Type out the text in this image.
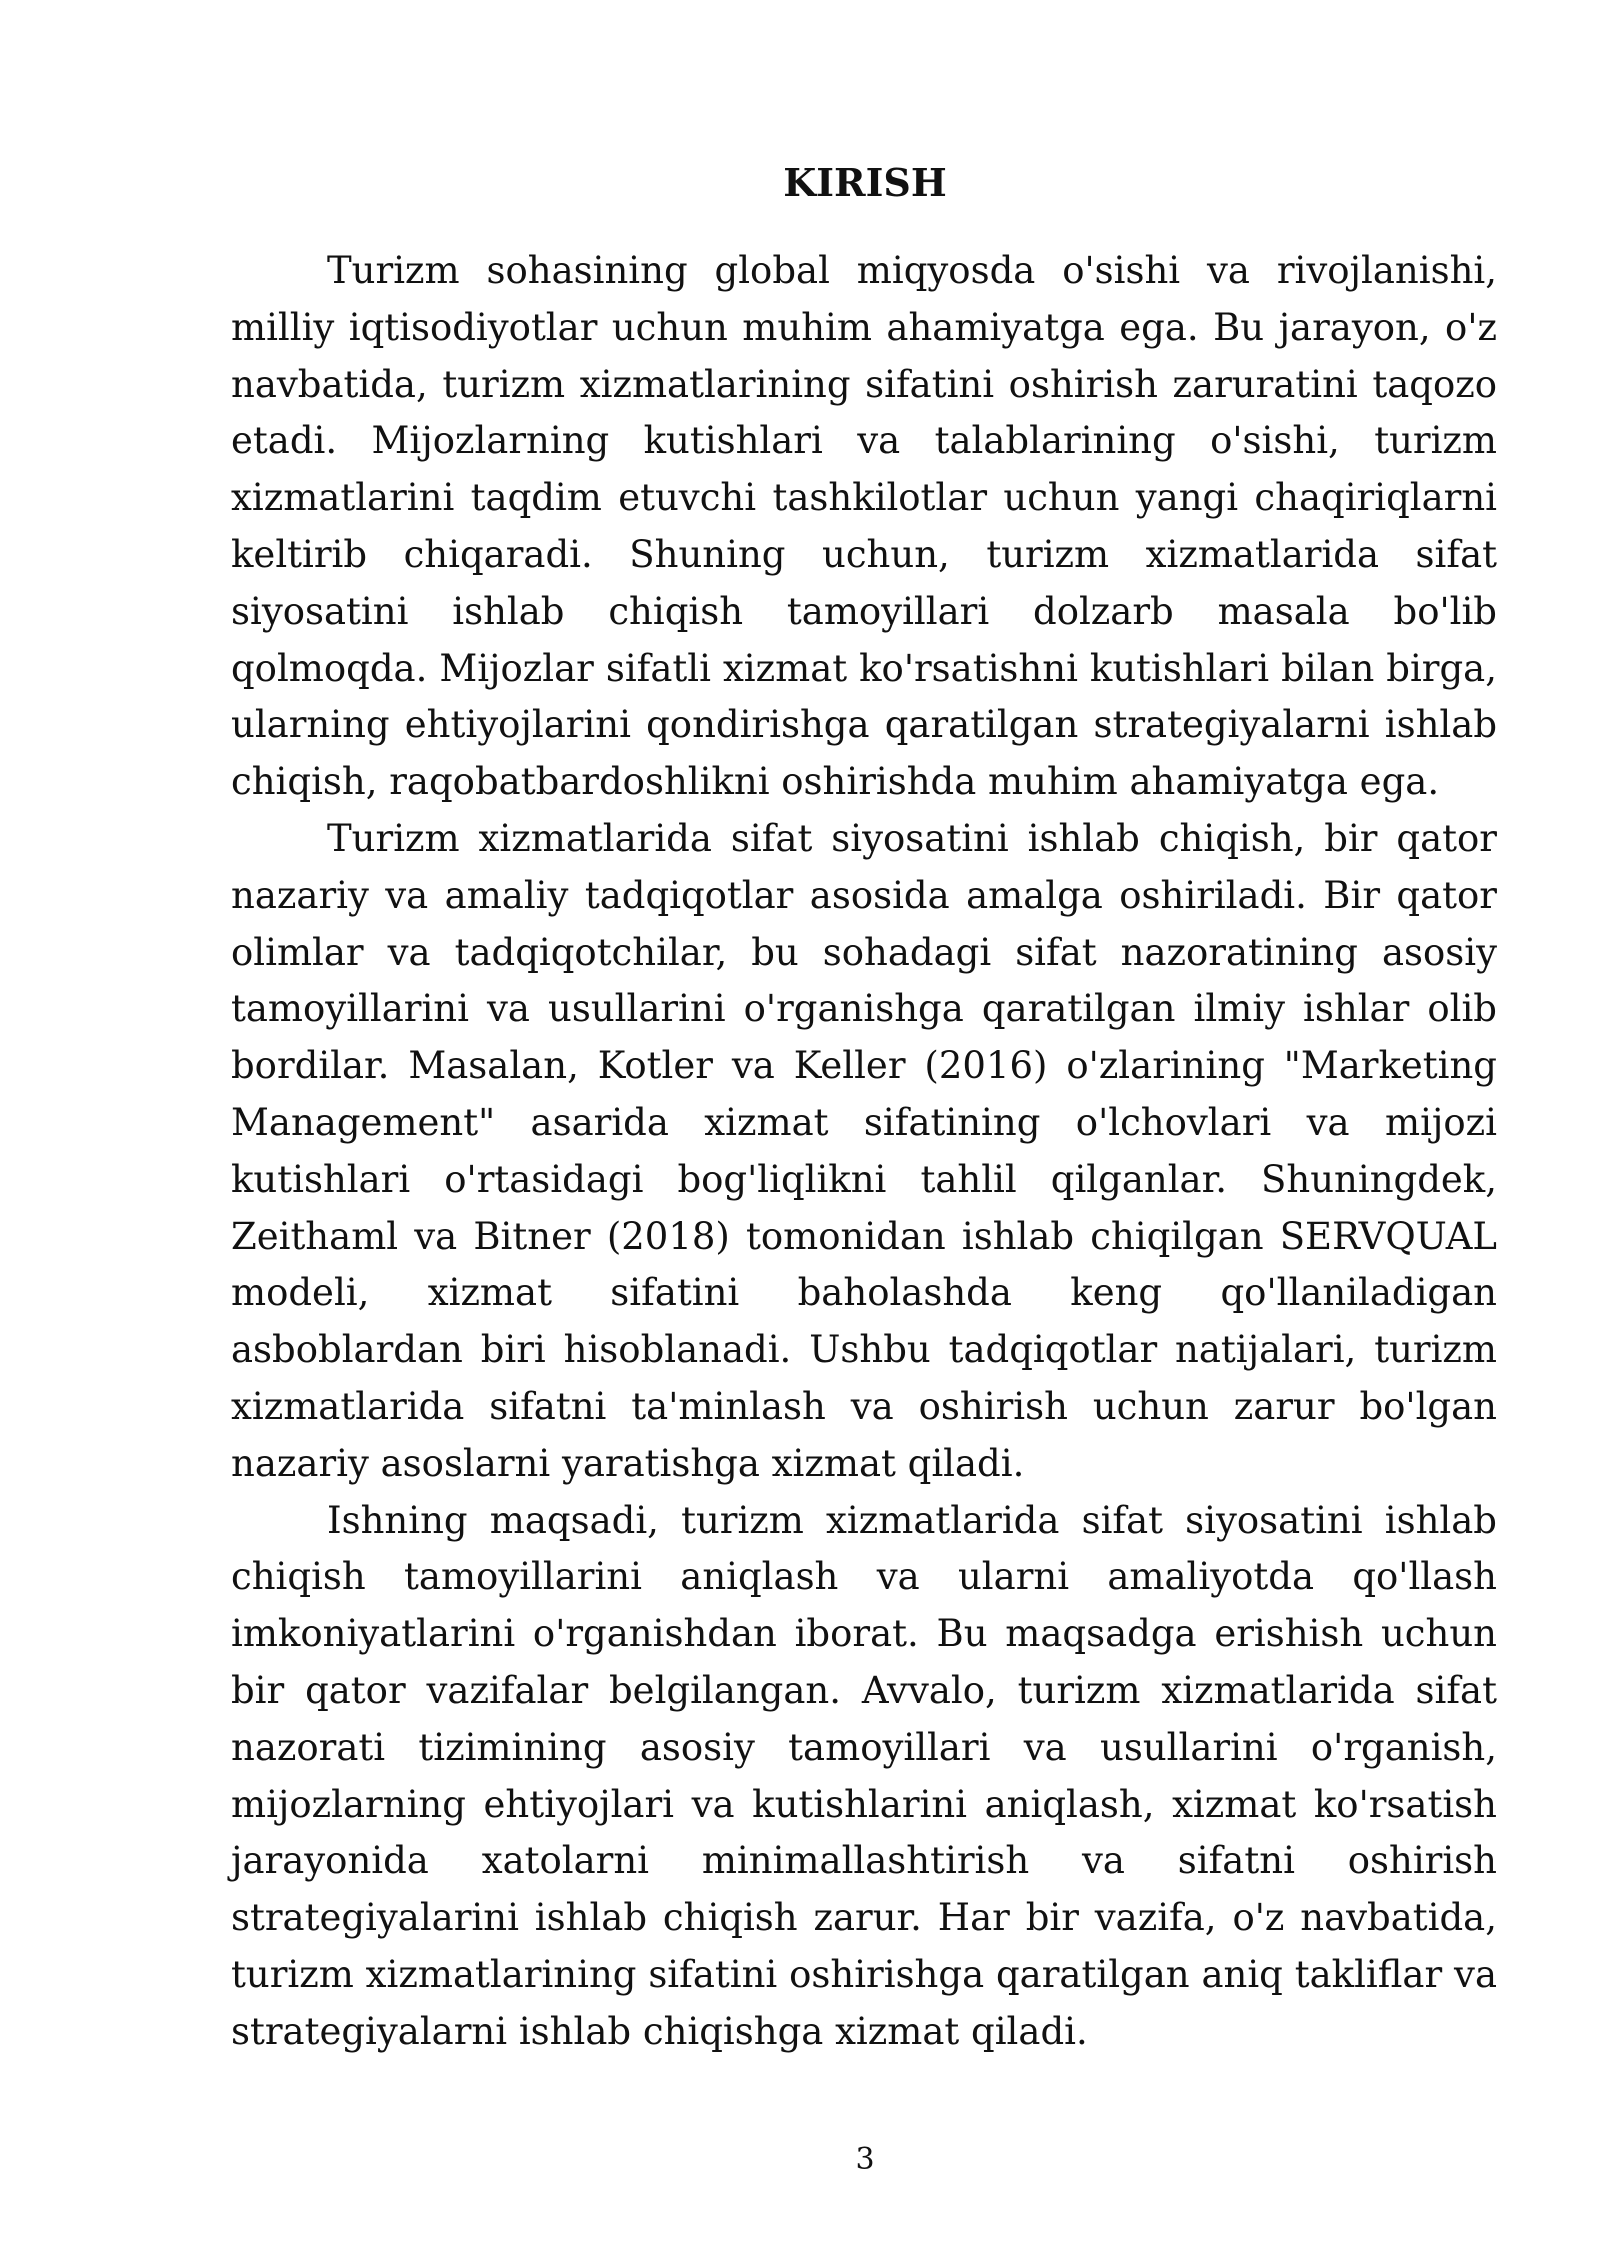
KIRISH

Turizm sohasining global miqyosda o'sishi va rivojlanishi, milliy iqtisodiyotlar uchun muhim ahamiyatga ega. Bu jarayon, o'z navbatida, turizm xizmatlarining sifatini oshirish zaruratini taqozo etadi. Mijozlarning kutishlari va talablarining o'sishi, turizm xizmatlarini taqdim etuvchi tashkilotlar uchun yangi chaqiriqlarni keltirib chiqaradi. Shuning uchun, turizm xizmatlarida sifat siyosatini ishlab chiqish tamoyillari dolzarb masala bo'lib qolmoqda. Mijozlar sifatli xizmat ko'rsatishni kutishlari bilan birga, ularning ehtiyojlarini qondirishga qaratilgan strategiyalarni ishlab chiqish, raqobatbardoshlikni oshirishda muhim ahamiyatga ega.

Turizm xizmatlarida sifat siyosatini ishlab chiqish, bir qator nazariy va amaliy tadqiqotlar asosida amalga oshiriladi. Bir qator olimlar va tadqiqotchilar, bu sohadagi sifat nazoratining asosiy tamoyillarini va usullarini o'rganishga qaratilgan ilmiy ishlar olib bordilar. Masalan, Kotler va Keller (2016) o'zlarining "Marketing Management" asarida xizmat sifatining o'lchovlari va mijozi kutishlari o'rtasidagi bog'liqlikni tahlil qilganlar. Shuningdek, Zeithaml va Bitner (2018) tomonidan ishlab chiqilgan SERVQUAL modeli, xizmat sifatini baholashda keng qo'llaniladigan asboblardan biri hisoblanadi. Ushbu tadqiqotlar natijalari, turizm xizmatlarida sifatni ta'minlash va oshirish uchun zarur bo'lgan nazariy asoslarni yaratishga xizmat qiladi.

Ishning maqsadi, turizm xizmatlarida sifat siyosatini ishlab chiqish tamoyillarini aniqlash va ularni amaliyotda qo'llash imkoniyatlarini o'rganishdan iborat. Bu maqsadga erishish uchun bir qator vazifalar belgilangan. Avvalo, turizm xizmatlarida sifat nazorati tizimining asosiy tamoyillari va usullarini o'rganish, mijozlarning ehtiyojlari va kutishlarini aniqlash, xizmat ko'rsatish jarayonida xatolarni minimallashtirish va sifatni oshirish strategiyalarini ishlab chiqish zarur. Har bir vazifa, o'z navbatida, turizm xizmatlarining sifatini oshirishga qaratilgan aniq takliflar va strategiyalarni ishlab chiqishga xizmat qiladi.

3
